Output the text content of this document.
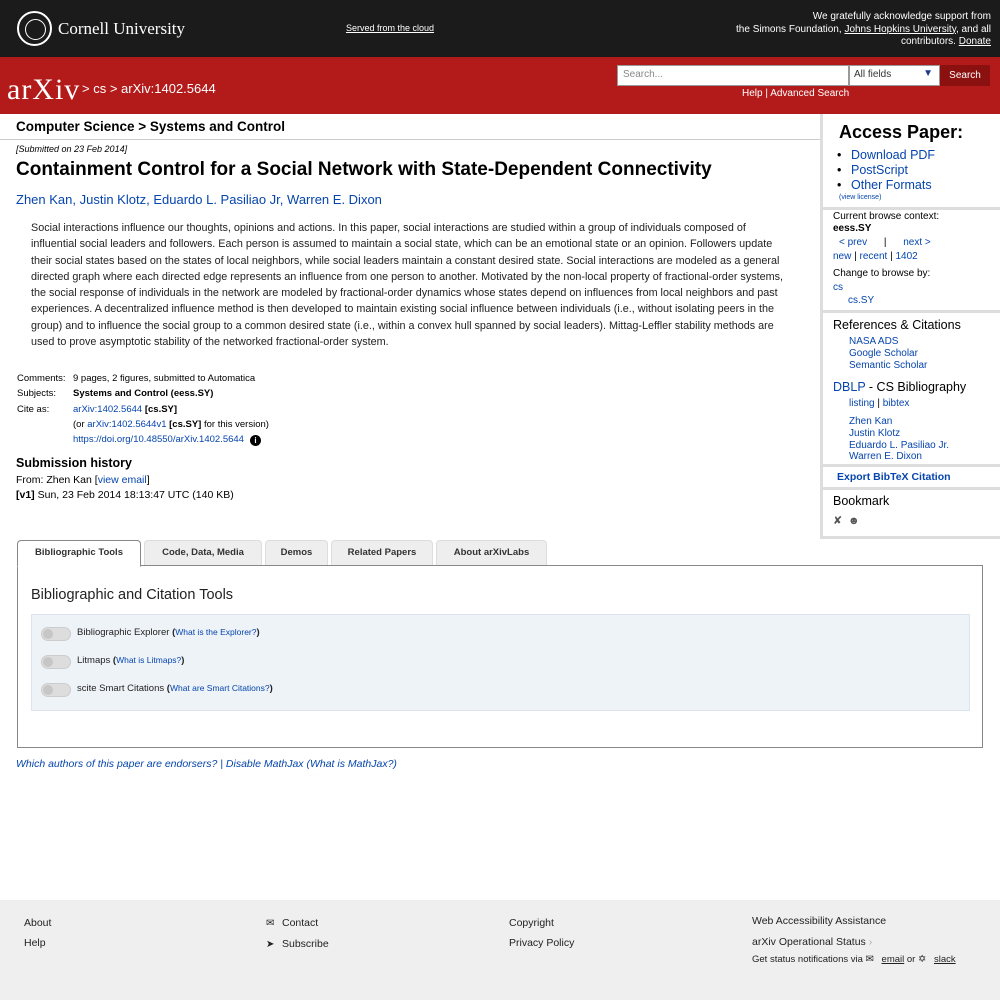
Cornell University	Served from the cloud
We gratefully acknowledge support from
the Simons Foundation, Johns Hopkins University, and all
contributors. Donate
arXiv > cs > arXiv:1402.5644
Search...	All fields	▼	Search
Help | Advanced Search
Computer Science > Systems and Control
[Submitted on 23 Feb 2014]
Containment Control for a Social Network with State-Dependent Connectivity
Zhen Kan, Justin Klotz, Eduardo L. Pasiliao Jr, Warren E. Dixon
Social interactions influence our thoughts, opinions and actions. In this paper, social interactions are studied within a group of individuals composed of influential social leaders and followers. Each person is assumed to maintain a social state, which can be an emotional state or an opinion. Followers update their social states based on the states of local neighbors, while social leaders maintain a constant desired state. Social interactions are modeled as a general directed graph where each directed edge represents an influence from one person to another. Motivated by the non-local property of fractional-order systems, the social response of individuals in the network are modeled by fractional-order dynamics whose states depend on influences from local neighbors and past experiences. A decentralized influence method is then developed to maintain existing social influence between individuals (i.e., without isolating peers in the group) and to influence the social group to a common desired state (i.e., within a convex hull spanned by social leaders). Mittag-Leffler stability methods are used to prove asymptotic stability of the networked fractional-order system.
Comments: 9 pages, 2 figures, submitted to Automatica
Subjects:	Systems and Control (eess.SY)
Cite as:	arXiv:1402.5644 [cs.SY]
(or arXiv:1402.5644v1 [cs.SY] for this version)
https://doi.org/10.48550/arXiv.1402.5644 i
Submission history
From: Zhen Kan [view email]
[v1] Sun, 23 Feb 2014 18:13:47 UTC (140 KB)
Access Paper:
• Download PDF
• PostScript
• Other Formats
(view license)
Current browse context:
eess.SY
< prev | next >
new | recent | 1402
Change to browse by:
cs
cs.SY
References & Citations
NASA ADS
Google Scholar
Semantic Scholar
DBLP - CS Bibliography
listing | bibtex
Zhen Kan
Justin Klotz
Eduardo L. Pasiliao Jr.
Warren E. Dixon
Export BibTeX Citation
Bookmark
✘ ☻
Bibliographic Tools	Code, Data, Media	Demos	Related Papers	About arXivLabs
Bibliographic and Citation Tools
Bibliographic Explorer (What is the Explorer?)
Litmaps (What is Litmaps?)
scite Smart Citations (What are Smart Citations?)
Which authors of this paper are endorsers? | Disable MathJax (What is MathJax?)
About
Help
✉ Contact
➤ Subscribe
Copyright
Privacy Policy
Web Accessibility Assistance
arXiv Operational Status ›
Get status notifications via ✉ email or ✡ slack
